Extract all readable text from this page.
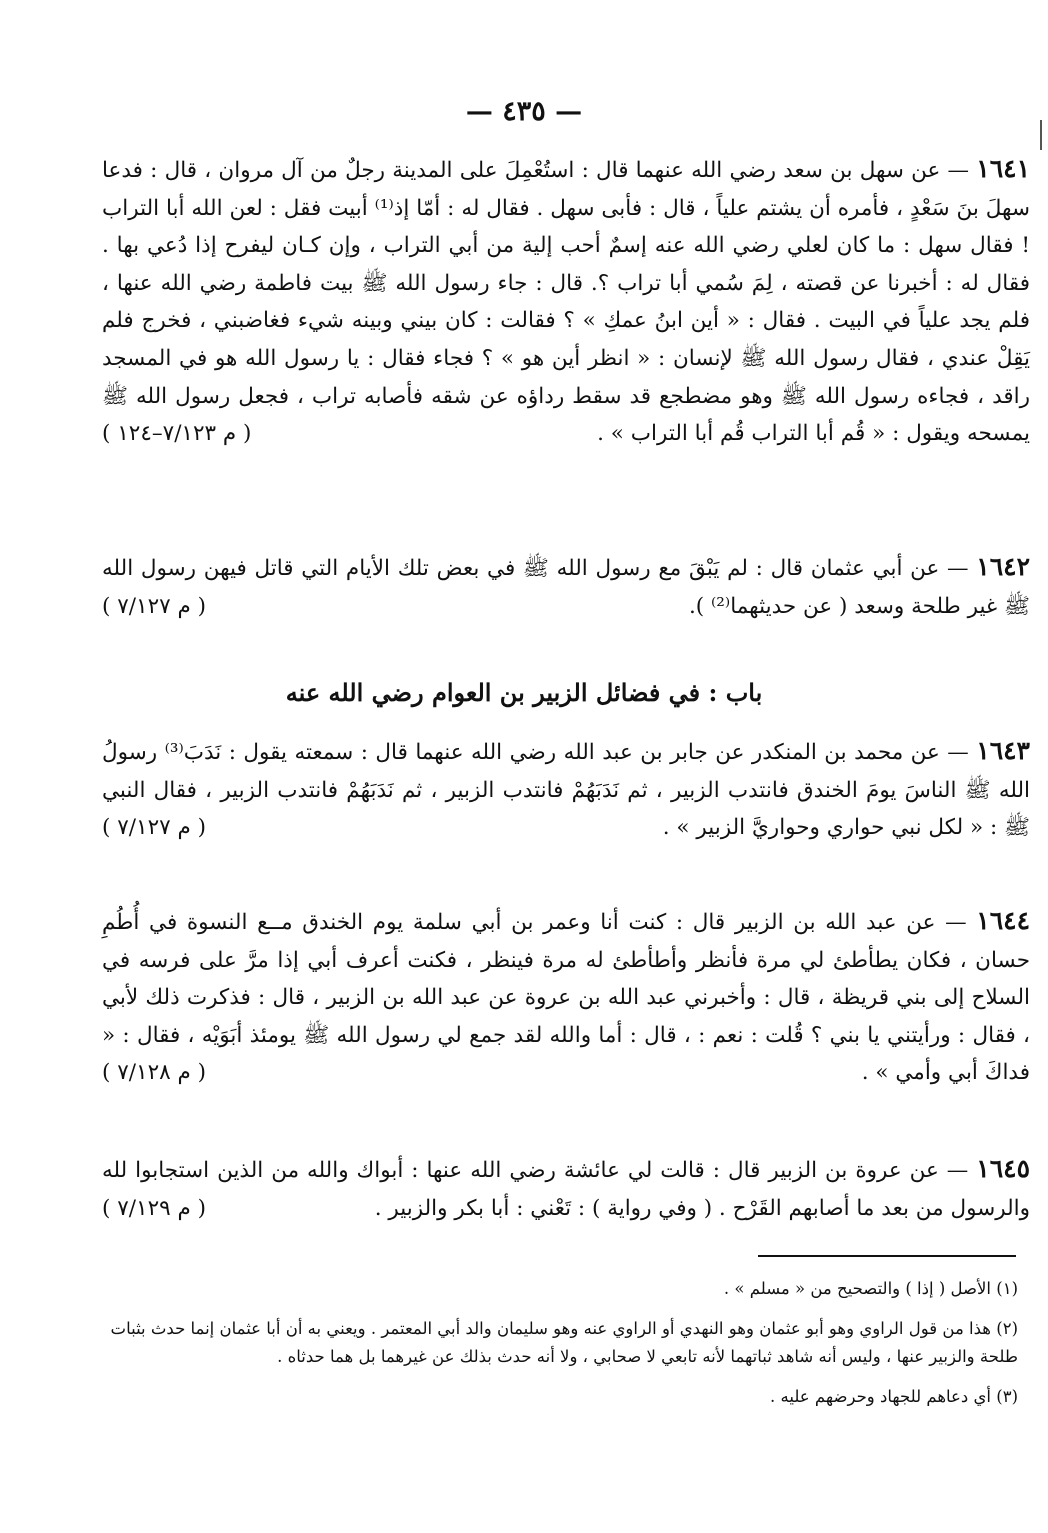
— ٤٣٥ —
١٦٤١ — عن سهل بن سعد رضي الله عنهما قال : استُعْمِلَ على المدينة رجلٌ من آل مروان ، قال : فدعا سهلَ بنَ سَعْدٍ ، فأمره أن يشتم علياً ، قال : فأبى سهل . فقال له : أمّا إذ⁽¹⁾ أبيت فقل : لعن الله أبا التراب ! فقال سهل : ما كان لعلي رضي الله عنه إسمٌ أحب إلية من أبي التراب ، وإن كـان ليفرح إذا دُعي بها . فقال له : أخبرنا عن قصته ، لِمَ سُمي أبا تراب ؟. قال : جاء رسول الله ﷺ بيت فاطمة رضي الله عنها ، فلم يجد علياً في البيت . فقال : « أين ابنُ عمكِ » ؟ فقالت : كان بيني وبينه شيء فغاضبني ، فخرج فلم يَقِلْ عندي ، فقال رسول الله ﷺ لإنسان : « انظر أين هو » ؟ فجاء فقال : يا رسول الله هو في المسجد راقد ، فجاءه رسول الله ﷺ وهو مضطجع قد سقط رداؤه عن شقه فأصابه تراب ، فجعل رسول الله ﷺ يمسحه ويقول : « قُم أبا التراب قُم أبا التراب » .
( م ٧/١٢٣–١٢٤ )
١٦٤٢ — عن أبي عثمان قال : لم يَبْقَ مع رسول الله ﷺ في بعض تلك الأيام التي قاتل فيهن رسول الله ﷺ غير طلحة وسعد ( عن حديثهما⁽²⁾ ).
( م ٧/١٢٧ )
باب : في فضائل الزبير بن العوام رضي الله عنه
١٦٤٣ — عن محمد بن المنكدر عن جابر بن عبد الله رضي الله عنهما قال : سمعته يقول : نَدَبَ⁽³⁾ رسولُ الله ﷺ الناسَ يومَ الخندق فانتدب الزبير ، ثم نَدَبَهُمْ فانتدب الزبير ، ثم نَدَبَهُمْ فانتدب الزبير ، فقال النبي ﷺ : « لكل نبي حواري وحواريَّ الزبير » .
( م ٧/١٢٧ )
١٦٤٤ — عن عبد الله بن الزبير قال : كنت أنا وعمر بن أبي سلمة يوم الخندق مــع النسوة في أُطُمِ حسان ، فكان يطأطئ لي مرة فأنظر وأطأطئ له مرة فينظر ، فكنت أعرف أبي إذا مرَّ على فرسه في السلاح إلى بني قريظة ، قال : وأخبرني عبد الله بن عروة عن عبد الله بن الزبير ، قال : فذكرت ذلك لأبي ، فقال : ورأيتني يا بني ؟ قُلت : نعم : ، قال : أما والله لقد جمع لي رسول الله ﷺ يومئذ أبَوَيْه ، فقال : « فداكَ أبي وأمي » .
( م ٧/١٢٨ )
١٦٤٥ — عن عروة بن الزبير قال : قالت لي عائشة رضي الله عنها : أبواك والله من الذين استجابوا لله والرسول من بعد ما أصابهم القَرْح . ( وفي رواية ) : تَعْني : أبا بكر والزبير .
( م ٧/١٢٩ )

(١) الأصل ( إذا ) والتصحيح من « مسلم » .

(٢) هذا من قول الراوي وهو أبو عثمان وهو النهدي أو الراوي عنه وهو سليمان والد أبي المعتمر . ويعني به أن أبا عثمان إنما حدث بثبات طلحة والزبير عنها ، وليس أنه شاهد ثباتهما لأنه تابعي لا صحابي ، ولا أنه حدث بذلك عن غيرهما بل هما حدثاه .

(٣) أي دعاهم للجهاد وحرضهم عليه .
